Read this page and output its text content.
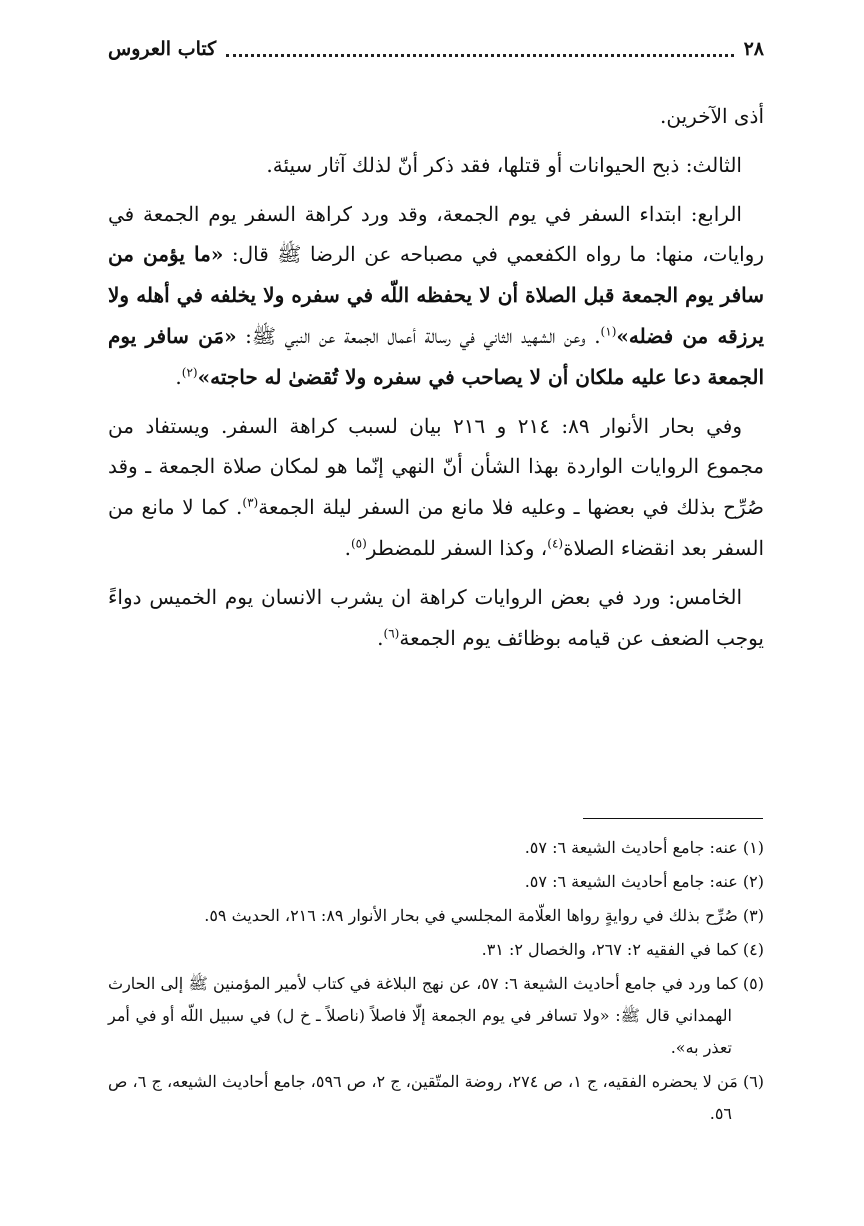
٢٨
كتاب العروس

أذى الآخرين.

الثالث: ذبح الحيوانات أو قتلها، فقد ذكر أنّ لذلك آثار سيئة.

الرابع: ابتداء السفر في يوم الجمعة، وقد ورد كراهة السفر يوم الجمعة في روايات، منها: ما رواه الكفعمي في مصباحه عن الرضا ﷺ قال: «ما يؤمن من سافر يوم الجمعة قبل الصلاة أن لا يحفظه اللّه في سفره ولا يخلفه في أهله ولا يرزقه من فضله»$^{(١)}$. وعن الشهيد الثاني في رسالة أعمال الجمعة عن النبي ﷺ: «مَن سافر يوم الجمعة دعا عليه ملكان أن لا يصاحب في سفره ولا تُقضىٰ له حاجته»$^{(٢)}$.

وفي بحار الأنوار ٨٩: ٢١٤ و ٢١٦ بيان لسبب كراهة السفر. ويستفاد من مجموع الروايات الواردة بهذا الشأن أنّ النهي إنّما هو لمكان صلاة الجمعة ـ وقد صُرِّح بذلك في بعضها ـ وعليه فلا مانع من السفر ليلة الجمعة$^{(٣)}$. كما لا مانع من السفر بعد انقضاء الصلاة$^{(٤)}$، وكذا السفر للمضطر$^{(٥)}$.

الخامس: ورد في بعض الروايات كراهة ان يشرب الانسان يوم الخميس دواءً يوجب الضعف عن قيامه بوظائف يوم الجمعة$^{(٦)}$.

(١) عنه: جامع أحاديث الشيعة ٦: ٥٧.
(٢) عنه: جامع أحاديث الشيعة ٦: ٥٧.
(٣) صُرِّح بذلك في روايةٍ رواها العلّامة المجلسي في بحار الأنوار ٨٩: ٢١٦، الحديث ٥٩.
(٤) كما في الفقيه ٢: ٢٦٧، والخصال ٢: ٣١.
(٥) كما ورد في جامع أحاديث الشيعة ٦: ٥٧، عن نهج البلاغة في كتاب لأمير المؤمنين ﷺ إلى الحارث الهمداني قال ﷺ: «ولا تسافر في يوم الجمعة إلّا فاصلاً (ناصلاً ـ خ ل) في سبيل اللّه أو في أمر تعذر به».
(٦) مَن لا يحضره الفقيه، ج ١، ص ٢٧٤، روضة المتّقين، ج ٢، ص ٥٩٦، جامع أحاديث الشيعه، ج ٦، ص ٥٦.
